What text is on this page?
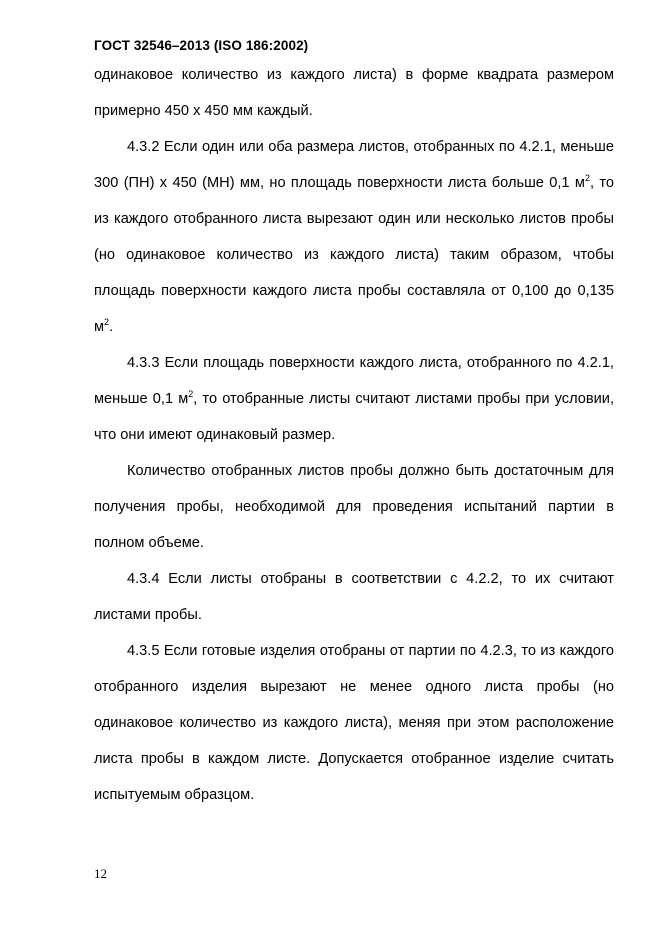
ГОСТ 32546–2013 (ISO 186:2002)

одинаковое количество из каждого листа) в форме квадрата размером примерно 450 х 450 мм каждый.

4.3.2 Если один или оба размера листов, отобранных по 4.2.1, меньше 300 (ПН) х 450 (МН) мм, но площадь поверхности листа больше 0,1 $м^2$, то из каждого отобранного листа вырезают один или несколько листов пробы (но одинаковое количество из каждого листа) таким образом, чтобы площадь поверхности каждого листа пробы составляла от 0,100 до 0,135 $м^2$.

4.3.3 Если площадь поверхности каждого листа, отобранного по 4.2.1, меньше 0,1 $м^2$, то отобранные листы считают листами пробы при условии, что они имеют одинаковый размер.

Количество отобранных листов пробы должно быть достаточным для получения пробы, необходимой для проведения испытаний партии в полном объеме.

4.3.4 Если листы отобраны в соответствии с 4.2.2, то их считают листами пробы.

4.3.5 Если готовые изделия отобраны от партии по 4.2.3, то из каждого отобранного изделия вырезают не менее одного листа пробы (но одинаковое количество из каждого листа), меняя при этом расположение листа пробы в каждом листе. Допускается отобранное изделие считать испытуемым образцом.

12
